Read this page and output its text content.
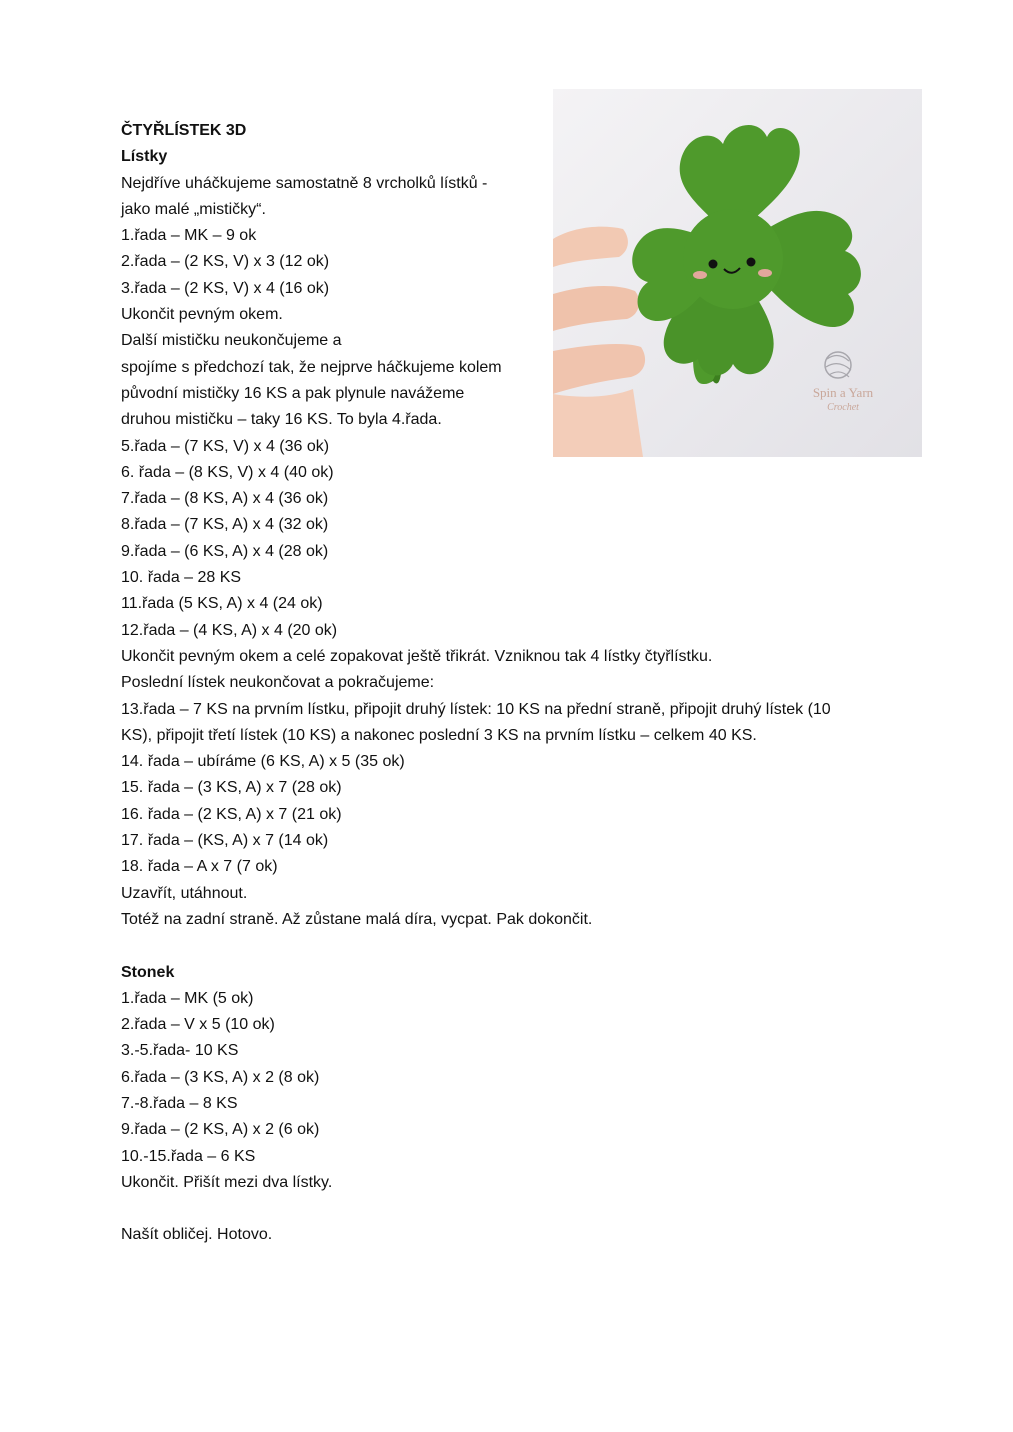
ČTYŘLÍSTEK 3D
Lístky
Nejdříve uháčkujeme samostatně 8 vrcholků lístků -
jako malé „mističky“.
1.řada – MK – 9 ok
2.řada – (2 KS, V) x 3 (12 ok)
3.řada – (2 KS, V) x 4 (16 ok)
Ukončit pevným okem.
Další mističku neukončujeme a
spojíme s předchozí tak, že nejprve háčkujeme kolem
původní mističky 16 KS a pak plynule navážeme
druhou mističku – taky 16 KS. To byla 4.řada.
5.řada – (7 KS, V) x 4 (36 ok)
6. řada – (8 KS, V) x 4 (40 ok)
7.řada – (8 KS, A) x 4 (36 ok)
8.řada – (7 KS, A) x 4 (32 ok)
9.řada – (6 KS, A) x 4 (28 ok)
10. řada – 28 KS
11.řada (5 KS, A) x 4 (24 ok)
12.řada – (4 KS, A) x 4 (20 ok)
Ukončit pevným okem a celé zopakovat ještě třikrát. Vzniknou tak 4 lístky čtyřlístku.
Poslední lístek neukončovat a pokračujeme:
13.řada – 7 KS na prvním lístku, připojit druhý lístek: 10 KS na přední straně, připojit druhý lístek (10
KS), připojit třetí lístek (10 KS) a nakonec poslední 3 KS na prvním lístku – celkem 40 KS.
14. řada – ubíráme (6 KS, A) x 5 (35 ok)
15. řada – (3 KS, A) x 7 (28 ok)
16. řada – (2 KS, A) x 7 (21 ok)
17. řada – (KS, A) x 7 (14 ok)
18. řada – A x 7 (7 ok)
Uzavřít, utáhnout.
Totéž na zadní straně. Až zůstane malá díra, vycpat. Pak dokončit.
Stonek
1.řada – MK (5 ok)
2.řada – V x 5 (10 ok)
3.-5.řada- 10 KS
6.řada – (3 KS, A) x 2 (8 ok)
7.-8.řada – 8 KS
9.řada – (2 KS, A) x 2 (6 ok)
10.-15.řada – 6 KS
Ukončit. Přišít mezi dva lístky.
Našít obličej. Hotovo.
Spin a Yarn
Crochet
